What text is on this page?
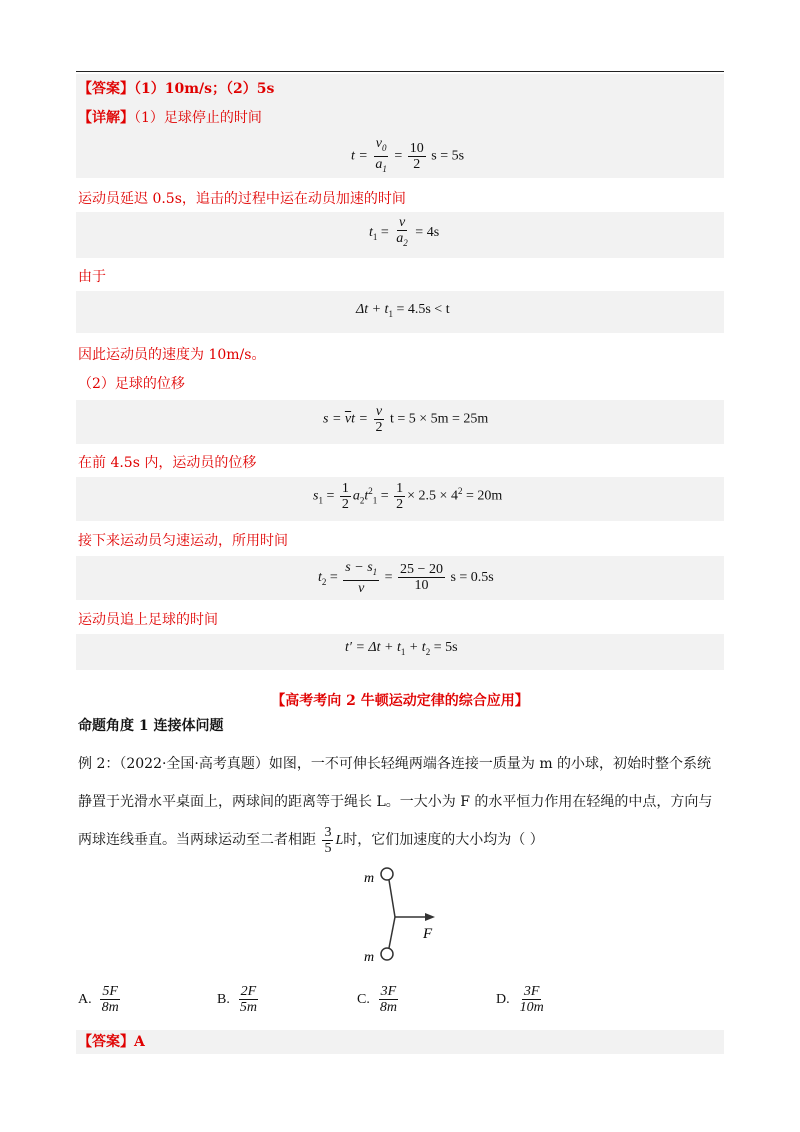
【答案】（1）10m/s；（2）5s
【详解】（1）足球停止的时间
$t = \frac{v_0}{a_1} = \frac{10}{2}$ s = 5s
运动员延迟 0.5s，追击的过程中运在动员加速的时间
$t_1 = \frac{v}{a_2} = 4s$
由于
$\Delta t + t_1 = 4.5s < t$
因此运动员的速度为 10m/s。
（2）足球的位移
$s = \overline{v}t = \frac{v}{2}$ t = 5 × 5m = 25m
在前 4.5s 内，运动员的位移
$s_1 = \frac{1}{2} a_2t^2_1 = \frac{1}{2} \times 2.5 \times 4^2 = 20m$
接下来运动员匀速运动，所用时间
$t_2 = \frac{s - s_1}{v} = \frac{25 - 20}{10}$ s = 0.5s
运动员追上足球的时间
$t' = \Delta t + t_1 + t_2 = 5s$
【高考考向 2 牛顿运动定律的综合应用】
命题角度 1 连接体问题
例 2：（2022·全国·高考真题）如图，一不可伸长轻绳两端各连接一质量为 m 的小球，初始时整个系统静置于光滑水平桌面上，两球间的距离等于绳长 L。一大小为 F 的水平恒力作用在轻绳的中点，方向与两球连线垂直。当两球运动至二者相距 $\frac{3}{5}$ L时，它们加速度的大小均为（ ）
m
m
F
A. $\frac{5F}{8m}$	B. $\frac{2F}{5m}$	C. $\frac{3F}{8m}$	D. $\frac{3F}{10m}$
【答案】A
